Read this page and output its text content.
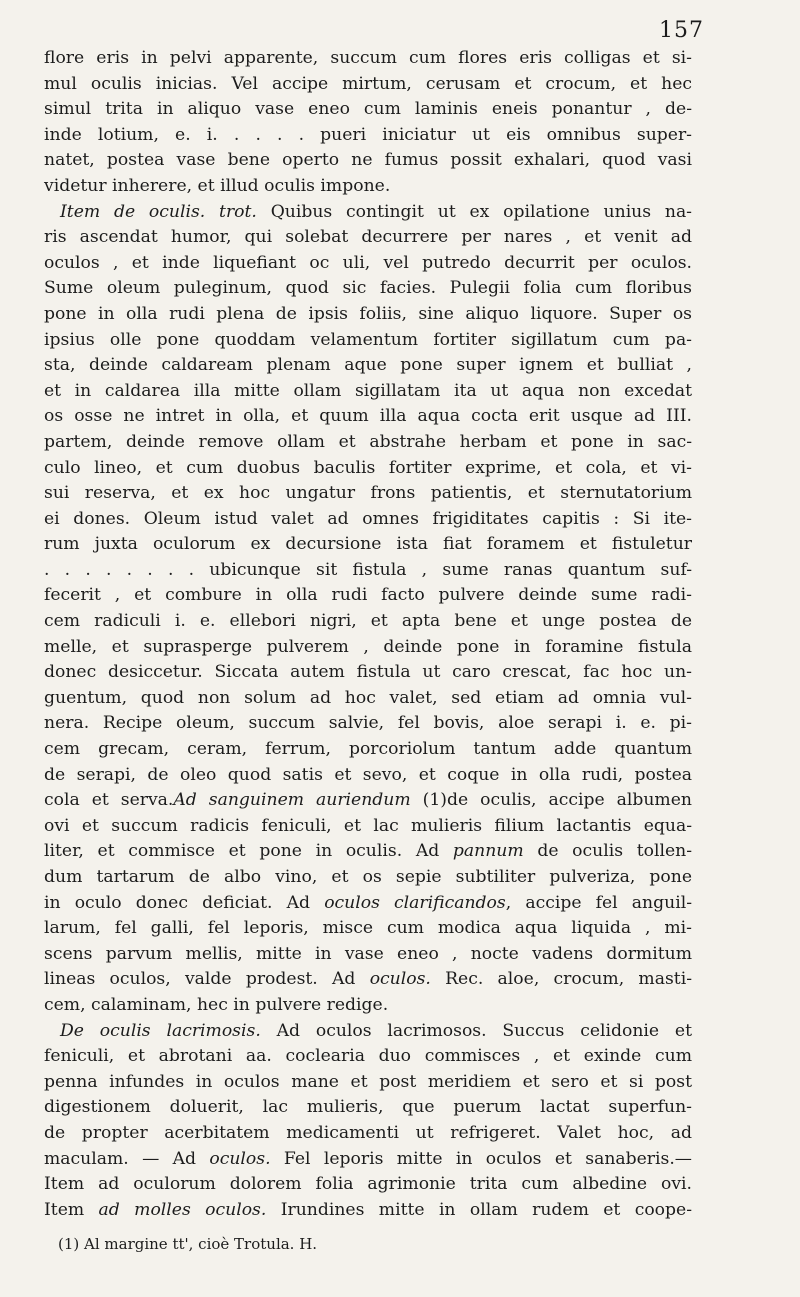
157
flore eris in pelvi apparente, succum cum flores eris colligas et si-
mul oculis inicias. Vel accipe mirtum, cerusam et crocum, et hec
simul trita in aliquo vase eneo cum laminis eneis ponantur , de-
inde lotium, e. i. . . . . pueri iniciatur ut eis omnibus super-
natet, postea vase bene operto ne fumus possit exhalari, quod vasi
videtur inherere, et illud oculis impone.
Item de oculis. trot. Quibus contingit ut ex opilatione unius na-
ris ascendat humor, qui solebat decurrere per nares , et venit ad
oculos , et inde liquefiant oc uli, vel putredo decurrit per oculos.
Sume oleum puleginum, quod sic facies. Pulegii folia cum floribus
pone in olla rudi plena de ipsis foliis, sine aliquo liquore. Super os
ipsius olle pone quoddam velamentum fortiter sigillatum cum pa-
sta, deinde caldaream plenam aque pone super ignem et bulliat ,
et in caldarea illa mitte ollam sigillatam ita ut aqua non excedat
os osse ne intret in olla, et quum illa aqua cocta erit usque ad III.
partem, deinde remove ollam et abstrahe herbam et pone in sac-
culo lineo, et cum duobus baculis fortiter exprime, et cola, et vi-
sui reserva, et ex hoc ungatur frons patientis, et sternutatorium
ei dones. Oleum istud valet ad omnes frigiditates capitis : Si ite-
rum juxta oculorum ex decursione ista fiat foramem et fistuletur
. . . . . . . . ubicunque sit fistula , sume ranas quantum suf-
fecerit , et combure in olla rudi facto pulvere deinde sume radi-
cem radiculi i. e. ellebori nigri, et apta bene et unge postea de
melle, et suprasperge pulverem , deinde pone in foramine fistula
donec desiccetur. Siccata autem fistula ut caro crescat, fac hoc un-
guentum, quod non solum ad hoc valet, sed etiam ad omnia vul-
nera. Recipe oleum, succum salvie, fel bovis, aloe serapi i. e. pi-
cem grecam, ceram, ferrum, porcoriolum tantum adde quantum
de serapi, de oleo quod satis et sevo, et coque in olla rudi, postea
cola et serva.Ad sanguinem auriendum (1)de oculis, accipe albumen
ovi et succum radicis feniculi, et lac mulieris filium lactantis equa-
liter, et commisce et pone in oculis. Ad pannum de oculis tollen-
dum tartarum de albo vino, et os sepie subtiliter pulveriza, pone
in oculo donec deficiat. Ad oculos clarificandos, accipe fel anguil-
larum, fel galli, fel leporis, misce cum modica aqua liquida , mi-
scens parvum mellis, mitte in vase eneo , nocte vadens dormitum
lineas oculos, valde prodest. Ad oculos. Rec. aloe, crocum, masti-
cem, calaminam, hec in pulvere redige.
De oculis lacrimosis. Ad oculos lacrimosos. Succus celidonie et
feniculi, et abrotani aa. coclearia duo commisces , et exinde cum
penna infundes in oculos mane et post meridiem et sero et si post
digestionem doluerit, lac mulieris, que puerum lactat superfun-
de propter acerbitatem medicamenti ut refrigeret. Valet hoc, ad
maculam. — Ad oculos. Fel leporis mitte in oculos et sanaberis.—
Item ad oculorum dolorem folia agrimonie trita cum albedine ovi.
Item ad molles oculos. Irundines mitte in ollam rudem et coope-
(1) Al margine tt', cioè Trotula. H.
